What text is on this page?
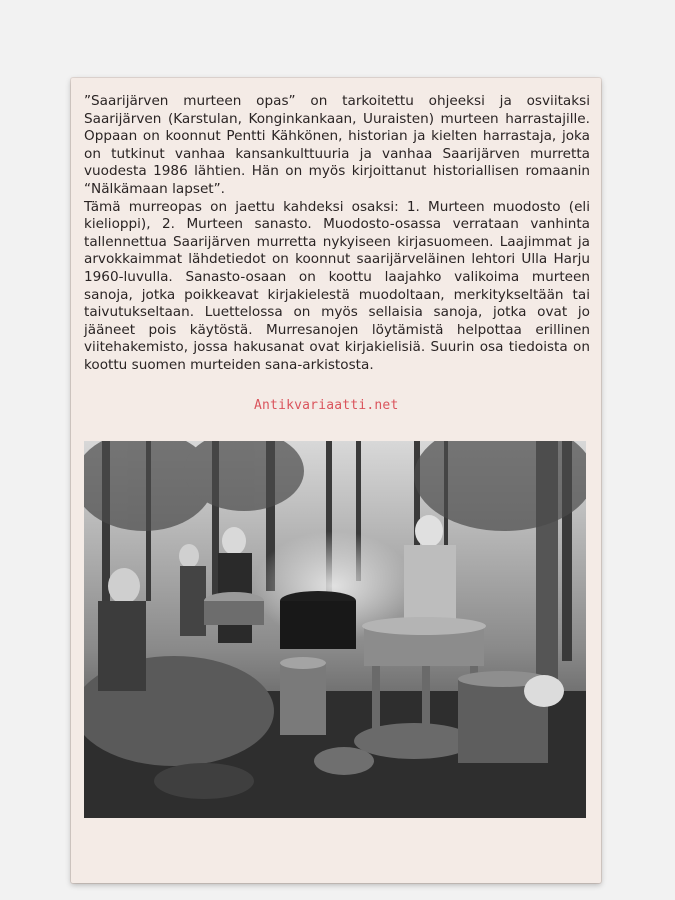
”Saarijärven murteen opas” on tarkoitettu ohjeeksi ja osviitaksi Saarijärven (Karstulan, Konginkankaan, Uuraisten) murteen harrastajille. Oppaan on koonnut Pentti Kähkönen, historian ja kielten harrastaja, joka on tutkinut vanhaa kansankulttuuria ja vanhaa Saarijärven murretta vuodesta 1986 lähtien. Hän on myös kirjoittanut historiallisen romaanin “Nälkämaan lapset”.

Tämä murreopas on jaettu kahdeksi osaksi: 1. Murteen muodosto (eli kielioppi), 2. Murteen sanasto. Muodosto-osassa verrataan vanhinta tallennettua Saarijärven murretta nykyiseen kirjasuomeen. Laajimmat ja arvokkaimmat lähdetiedot on koonnut saarijärveläinen lehtori Ulla Harju 1960-luvulla. Sanasto-osaan on koottu laajahko valikoima murteen sanoja, jotka poikkeavat kirjakielestä muodoltaan, merkitykseltään tai taivutukseltaan. Luettelossa on myös sellaisia sanoja, jotka ovat jo jääneet pois käytöstä. Murresanojen löytämistä helpottaa erillinen viitehakemisto, jossa hakusanat ovat kirjakielisiä. Suurin osa tiedoista on koottu suomen murteiden sana-arkistosta.

Antikvariaatti.net
